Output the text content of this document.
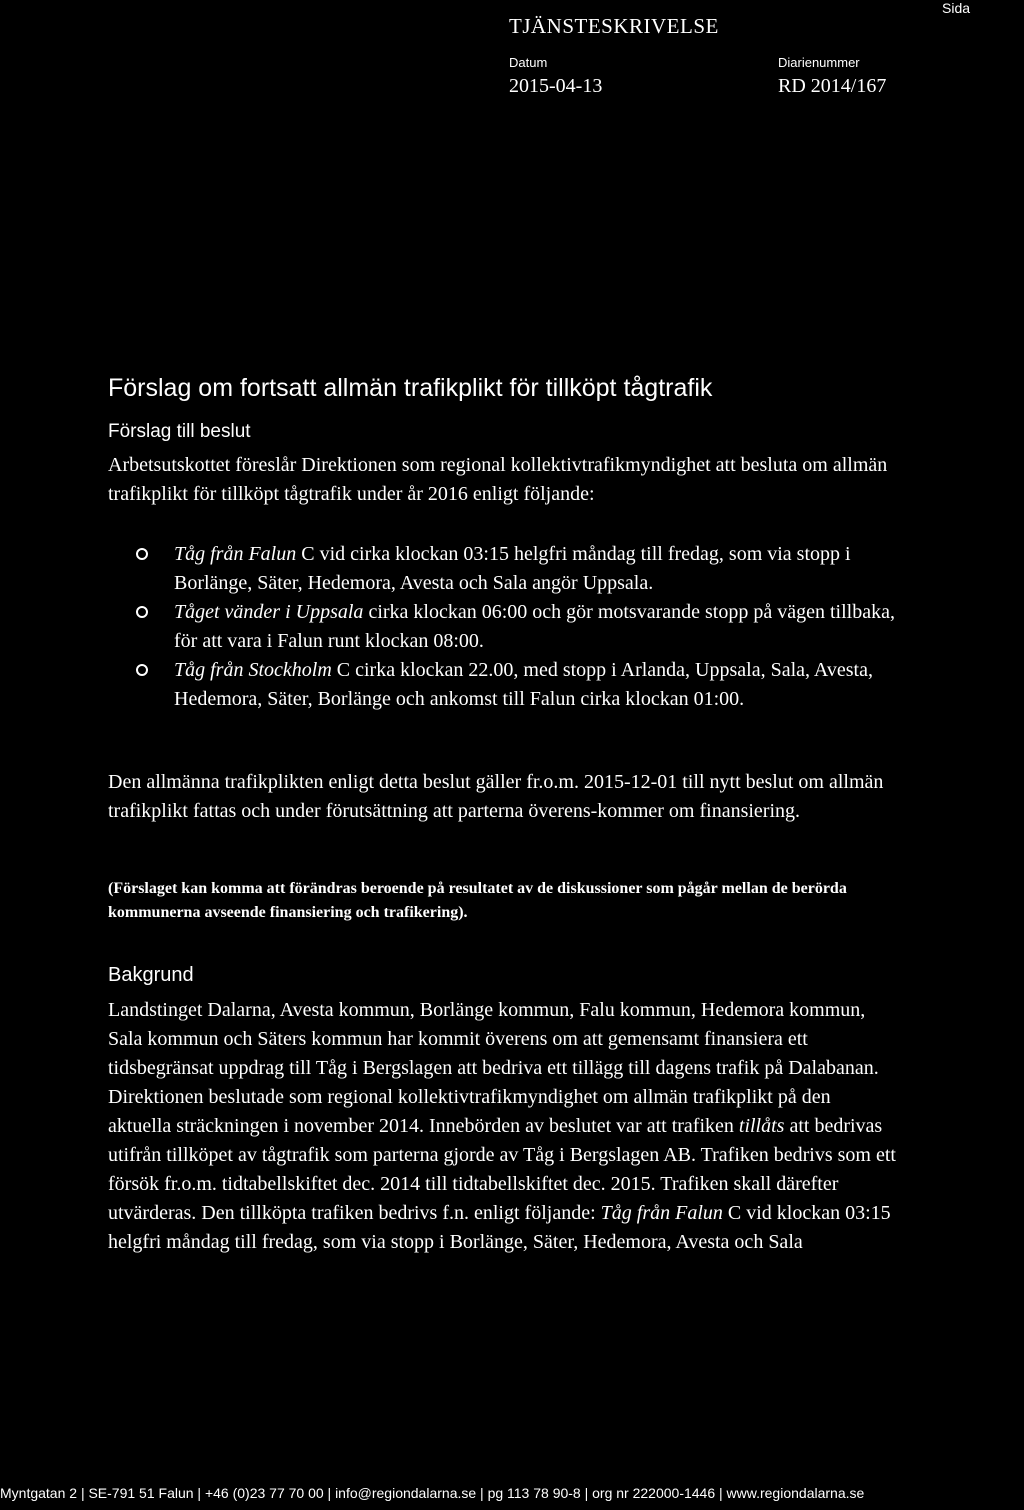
TJÄNSTESKRIVELSE
Sida
Datum
2015-04-13
Diarienummer
RD 2014/167
Förslag om fortsatt allmän trafikplikt för tillköpt tågtrafik
Förslag till beslut
Arbetsutskottet föreslår Direktionen som regional kollektivtrafikmyndighet att besluta om allmän trafikplikt för tillköpt tågtrafik under år 2016 enligt följande:
Tåg från Falun C vid cirka klockan 03:15 helgfri måndag till fredag, som via stopp i Borlänge, Säter, Hedemora, Avesta och Sala angör Uppsala.
Tåget vänder i Uppsala cirka klockan 06:00 och gör motsvarande stopp på vägen tillbaka, för att vara i Falun runt klockan 08:00.
Tåg från Stockholm C cirka klockan 22.00, med stopp i Arlanda, Uppsala, Sala, Avesta, Hedemora, Säter, Borlänge och ankomst till Falun cirka klockan 01:00.
Den allmänna trafikplikten enligt detta beslut gäller fr.o.m. 2015-12-01 till nytt beslut om allmän trafikplikt fattas och under förutsättning att parterna överens-kommer om finansiering.
(Förslaget kan komma att förändras beroende på resultatet av de diskussioner som pågår mellan de berörda kommunerna avseende finansiering och trafikering).
Bakgrund
Landstinget Dalarna, Avesta kommun, Borlänge kommun, Falu kommun, Hedemora kommun, Sala kommun och Säters kommun har kommit överens om att gemensamt finansiera ett tidsbegränsat uppdrag till Tåg i Bergslagen att bedriva ett tillägg till dagens trafik på Dalabanan. Direktionen beslutade som regional kollektivtrafikmyndighet om allmän trafikplikt på den aktuella sträckningen i november 2014. Innebörden av beslutet var att trafiken tillåts att bedrivas utifrån tillköpet av tågtrafik som parterna gjorde av Tåg i Bergslagen AB. Trafiken bedrivs som ett försök fr.o.m. tidtabellskiftet dec. 2014 till tidtabellskiftet dec. 2015. Trafiken skall därefter utvärderas. Den tillköpta trafiken bedrivs f.n. enligt följande: Tåg från Falun C vid klockan 03:15 helgfri måndag till fredag, som via stopp i Borlänge, Säter, Hedemora, Avesta och Sala
Myntgatan 2 | SE-791 51 Falun | +46 (0)23 77 70 00 | info@regiondalarna.se | pg 113 78 90-8 | org nr 222000-1446 | www.regiondalarna.se
